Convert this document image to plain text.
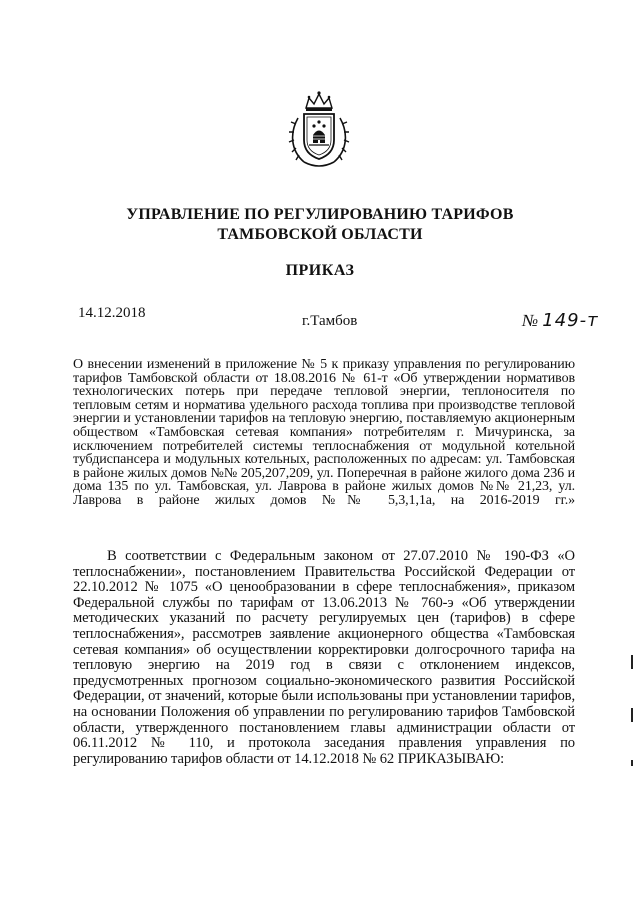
УПРАВЛЕНИЕ ПО РЕГУЛИРОВАНИЮ ТАРИФОВ
ТАМБОВСКОЙ ОБЛАСТИ
ПРИКАЗ
14.12.2018	г.Тамбов	№ 149-т
О внесении изменений в приложение № 5 к приказу управления по регулированию тарифов Тамбовской области от 18.08.2016 № 61-т «Об утверждении нормативов технологических потерь при передаче тепловой энергии, теплоносителя по тепловым сетям и норматива удельного расхода топлива при производстве тепловой энергии и установлении тарифов на тепловую энергию, поставляемую акционерным обществом «Тамбовская сетевая компания» потребителям г. Мичуринска, за исключением потребителей системы теплоснабжения от модульной котельной тубдиспансера и модульных котельных, расположенных по адресам: ул. Тамбовская в районе жилых домов №№ 205,207,209, ул. Поперечная в районе жилого дома 236 и дома 135 по ул. Тамбовская, ул. Лаврова в районе жилых домов №№ 21,23, ул. Лаврова в районе жилых домов №№ 5,3,1,1а, на 2016-2019 гг.»
В соответствии с Федеральным законом от 27.07.2010 № 190-ФЗ «О теплоснабжении», постановлением Правительства Российской Федерации от 22.10.2012 № 1075 «О ценообразовании в сфере теплоснабжения», приказом Федеральной службы по тарифам от 13.06.2013 № 760-э «Об утверждении методических указаний по расчету регулируемых цен (тарифов) в сфере теплоснабжения», рассмотрев заявление акционерного общества «Тамбовская сетевая компания» об осуществлении корректировки долгосрочного тарифа на тепловую энергию на 2019 год в связи с отклонением индексов, предусмотренных прогнозом социально-экономического развития Российской Федерации, от значений, которые были использованы при установлении тарифов, на основании Положения об управлении по регулированию тарифов Тамбовской области, утвержденного постановлением главы администрации области от 06.11.2012 № 110, и протокола заседания правления управления по регулированию тарифов области от 14.12.2018 № 62 ПРИКАЗЫВАЮ:
